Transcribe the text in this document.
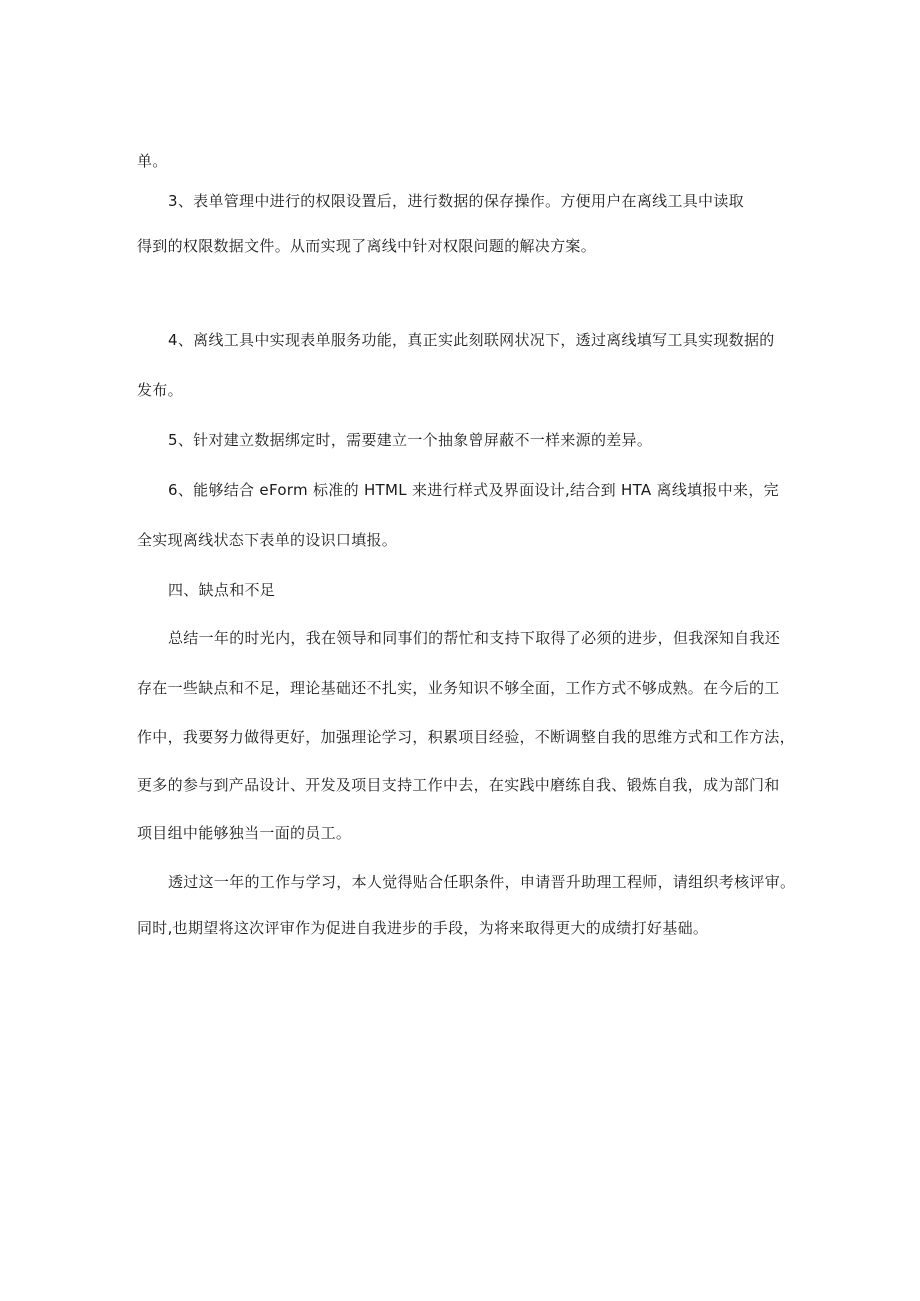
单。

3、表单管理中进行的权限设置后，进行数据的保存操作。方便用户在离线工具中读取

得到的权限数据文件。从而实现了离线中针对权限问题的解决方案。

4、离线工具中实现表单服务功能，真正实此刻联网状况下，透过离线填写工具实现数据的

发布。

5、针对建立数据绑定时，需要建立一个抽象曾屏蔽不一样来源的差异。

6、能够结合 eForm 标准的 HTML 来进行样式及界面设计,结合到 HTA 离线填报中来，完

全实现离线状态下表单的设识口填报。

四、缺点和不足

总结一年的时光内，我在领导和同事们的帮忙和支持下取得了必须的进步，但我深知自我还

存在一些缺点和不足，理论基础还不扎实，业务知识不够全面，工作方式不够成熟。在今后的工

作中，我要努力做得更好，加强理论学习，积累项目经验，不断调整自我的思维方式和工作方法，

更多的参与到产品设计、开发及项目支持工作中去，在实践中磨练自我、锻炼自我，成为部门和

项目组中能够独当一面的员工。

透过这一年的工作与学习，本人觉得贴合任职条件，申请晋升助理工程师，请组织考核评审。

同时,也期望将这次评审作为促进自我进步的手段，为将来取得更大的成绩打好基础。
